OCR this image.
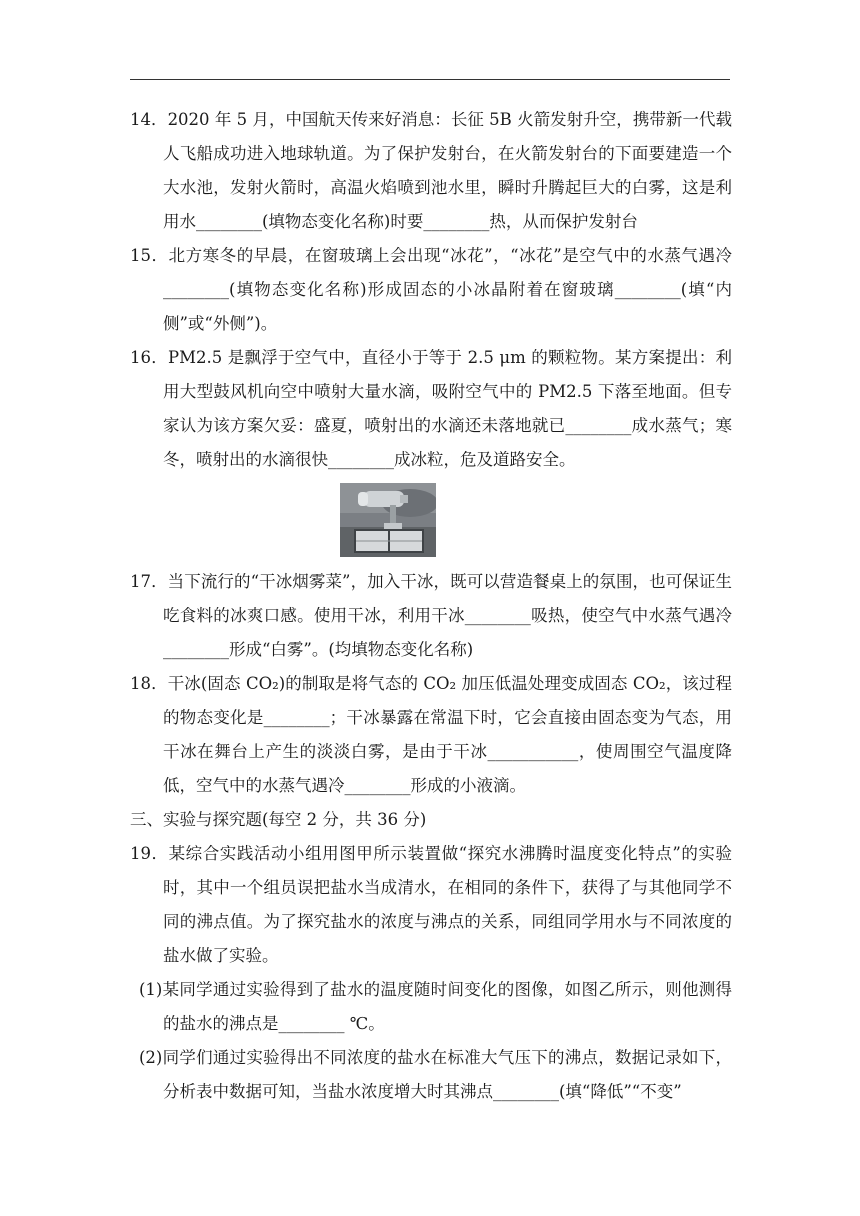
14．2020 年 5 月，中国航天传来好消息：长征 5B 火箭发射升空，携带新一代载人飞船成功进入地球轨道。为了保护发射台，在火箭发射台的下面要建造一个大水池，发射火箭时，高温火焰喷到池水里，瞬时升腾起巨大的白雾，这是利用水________(填物态变化名称)时要________热，从而保护发射台
15．北方寒冬的早晨，在窗玻璃上会出现“冰花”，“冰花”是空气中的水蒸气遇冷________(填物态变化名称)形成固态的小冰晶附着在窗玻璃________(填“内侧”或“外侧”)。
16．PM2.5 是飘浮于空气中，直径小于等于 2.5 μm 的颗粒物。某方案提出：利用大型鼓风机向空中喷射大量水滴，吸附空气中的 PM2.5 下落至地面。但专家认为该方案欠妥：盛夏，喷射出的水滴还未落地就已________成水蒸气；寒冬，喷射出的水滴很快________成冰粒，危及道路安全。
17．当下流行的“干冰烟雾菜”，加入干冰，既可以营造餐桌上的氛围，也可保证生吃食料的冰爽口感。使用干冰，利用干冰________吸热，使空气中水蒸气遇冷________形成“白雾”。(均填物态变化名称)
18．干冰(固态 CO₂)的制取是将气态的 CO₂ 加压低温处理变成固态 CO₂，该过程的物态变化是________；干冰暴露在常温下时，它会直接由固态变为气态，用干冰在舞台上产生的淡淡白雾，是由于干冰___________，使周围空气温度降低，空气中的水蒸气遇冷________形成的小液滴。
三、实验与探究题(每空 2 分，共 36 分)
19．某综合实践活动小组用图甲所示装置做“探究水沸腾时温度变化特点”的实验时，其中一个组员误把盐水当成清水，在相同的条件下，获得了与其他同学不同的沸点值。为了探究盐水的浓度与沸点的关系，同组同学用水与不同浓度的盐水做了实验。
(1)某同学通过实验得到了盐水的温度随时间变化的图像，如图乙所示，则他测得的盐水的沸点是________ ℃。
(2)同学们通过实验得出不同浓度的盐水在标准大气压下的沸点，数据记录如下，分析表中数据可知，当盐水浓度增大时其沸点________(填“降低”“不变”
